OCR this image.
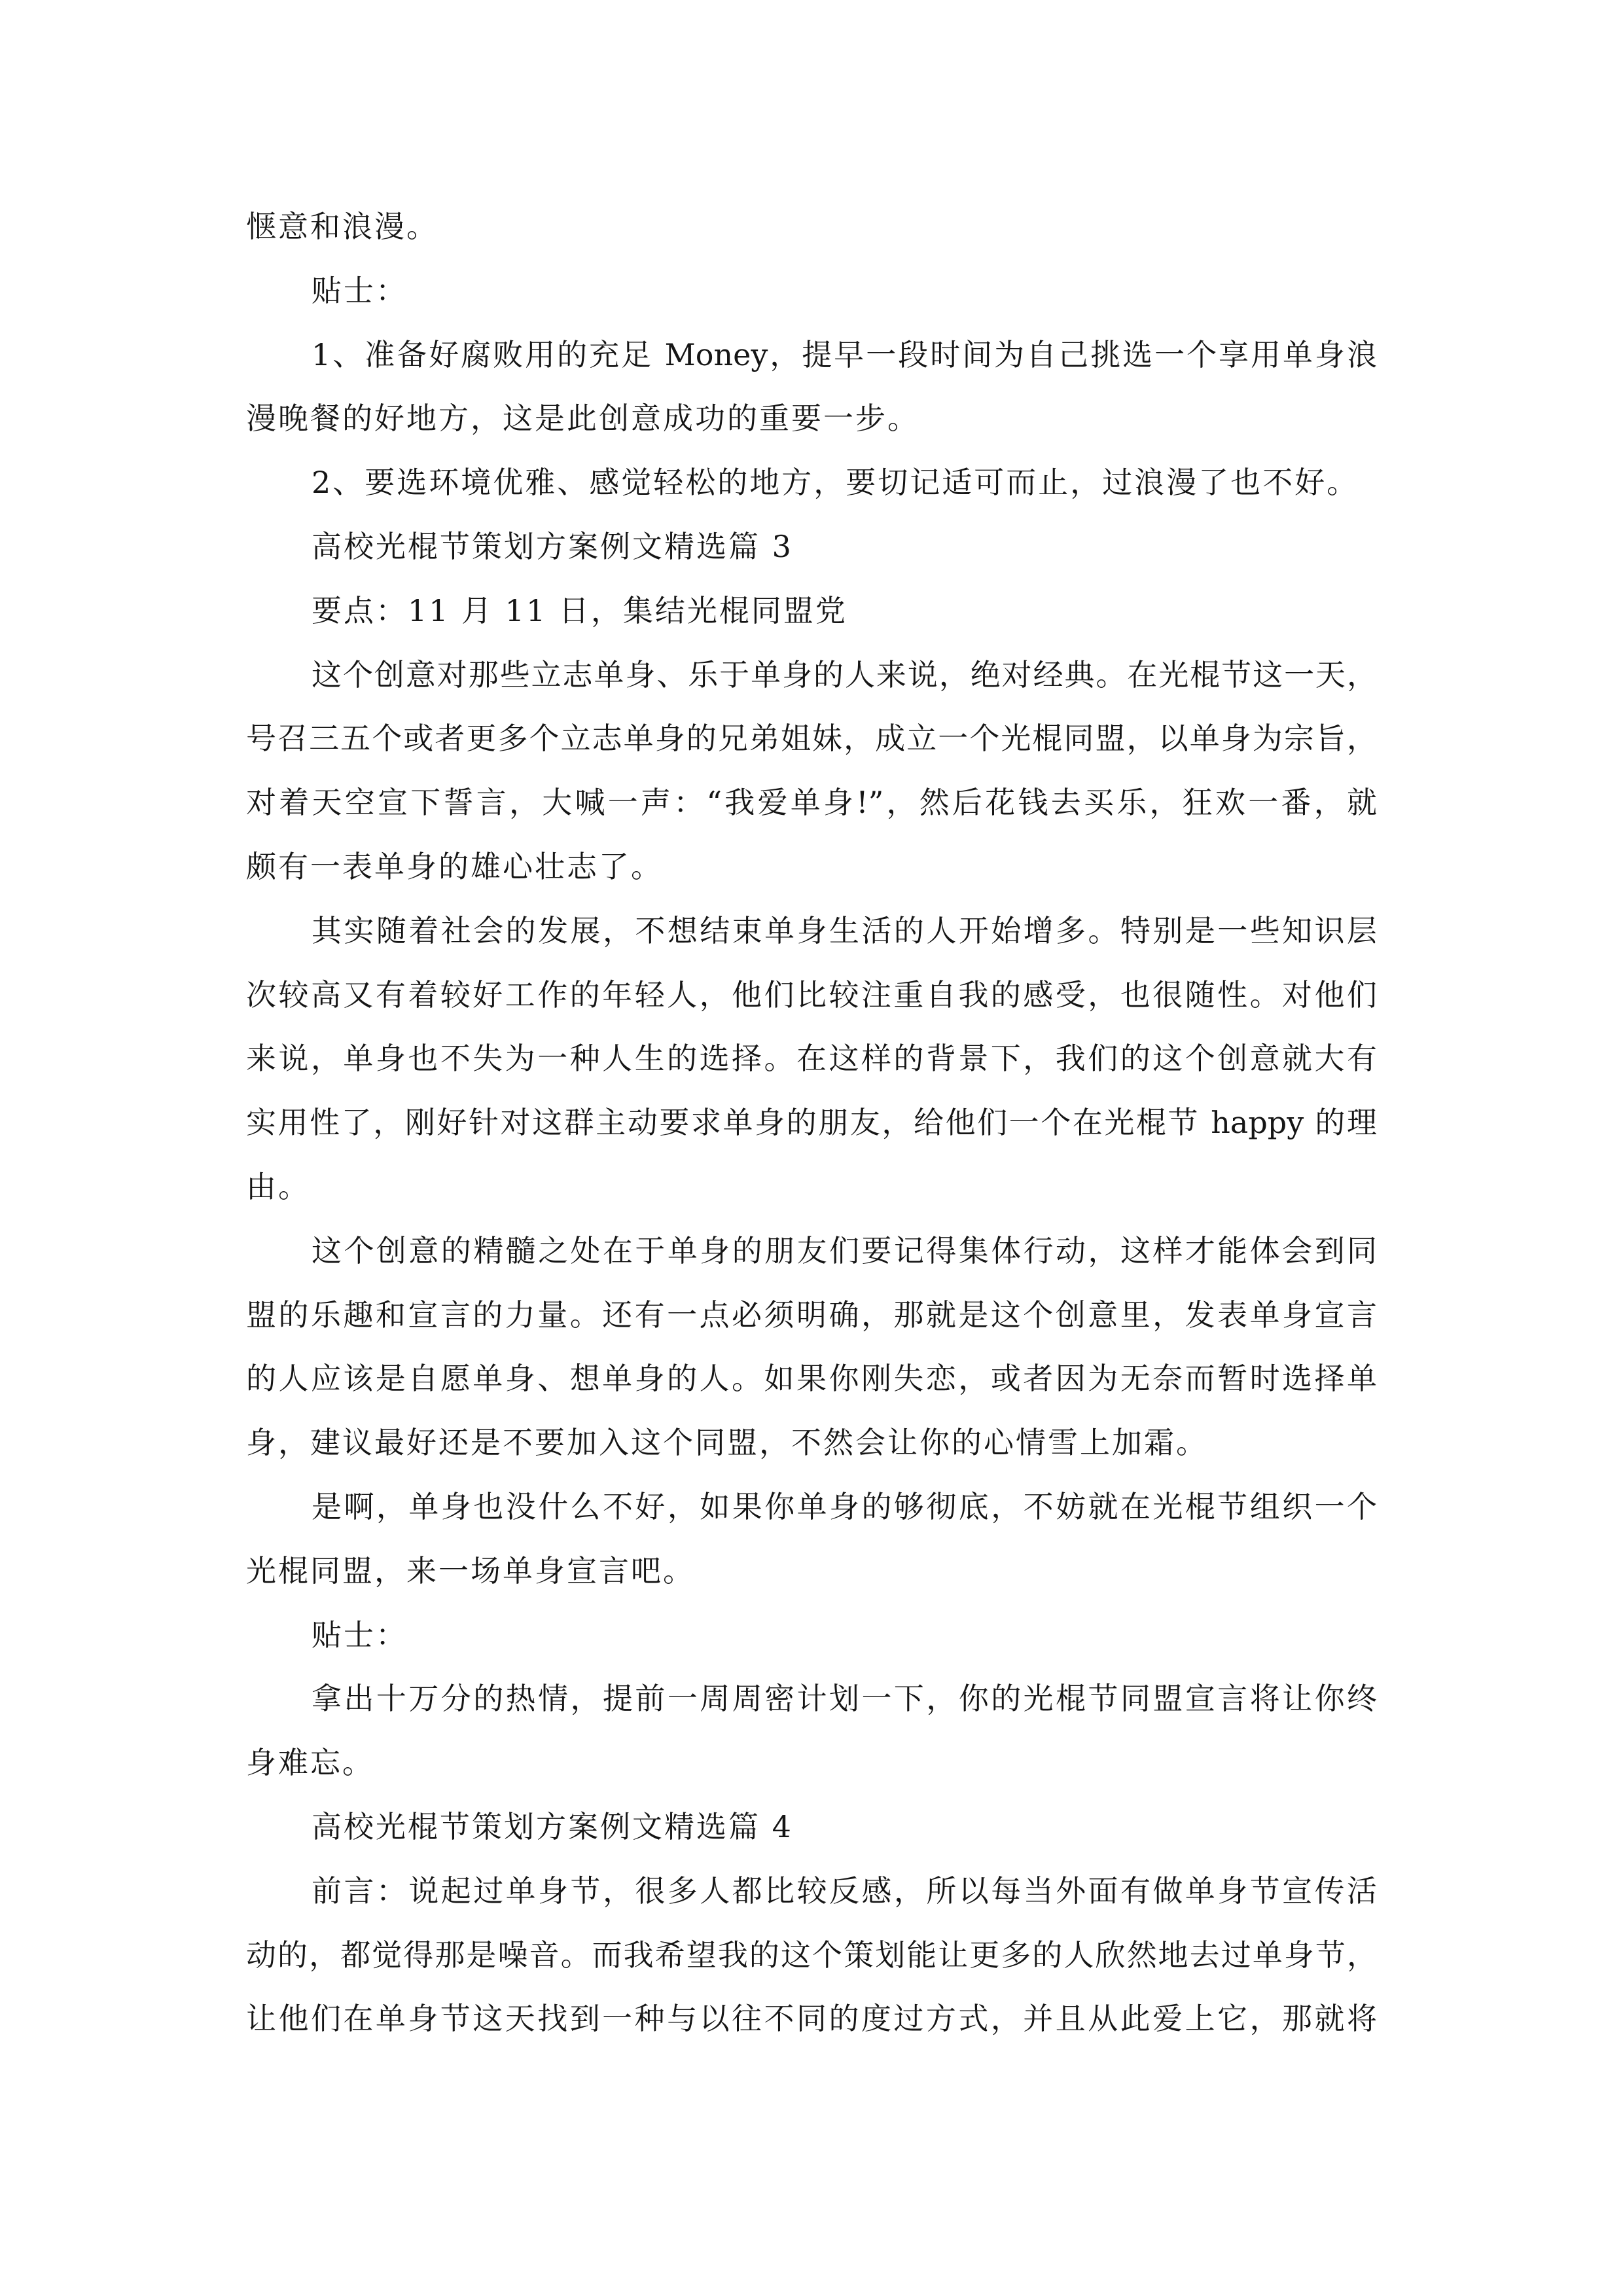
惬意和浪漫。
贴士：
1、准备好腐败用的充足 Money，提早一段时间为自己挑选一个享用单身浪
漫晚餐的好地方，这是此创意成功的重要一步。
2、要选环境优雅、感觉轻松的地方，要切记适可而止，过浪漫了也不好。
高校光棍节策划方案例文精选篇 3
要点：11 月 11 日，集结光棍同盟党
这个创意对那些立志单身、乐于单身的人来说，绝对经典。在光棍节这一天，
号召三五个或者更多个立志单身的兄弟姐妹，成立一个光棍同盟，以单身为宗旨，
对着天空宣下誓言，大喊一声：“我爱单身!”，然后花钱去买乐，狂欢一番，就
颇有一表单身的雄心壮志了。
其实随着社会的发展，不想结束单身生活的人开始增多。特别是一些知识层
次较高又有着较好工作的年轻人，他们比较注重自我的感受，也很随性。对他们
来说，单身也不失为一种人生的选择。在这样的背景下，我们的这个创意就大有
实用性了，刚好针对这群主动要求单身的朋友，给他们一个在光棍节 happy 的理
由。
这个创意的精髓之处在于单身的朋友们要记得集体行动，这样才能体会到同
盟的乐趣和宣言的力量。还有一点必须明确，那就是这个创意里，发表单身宣言
的人应该是自愿单身、想单身的人。如果你刚失恋，或者因为无奈而暂时选择单
身，建议最好还是不要加入这个同盟，不然会让你的心情雪上加霜。
是啊，单身也没什么不好，如果你单身的够彻底，不妨就在光棍节组织一个
光棍同盟，来一场单身宣言吧。
贴士：
拿出十万分的热情，提前一周周密计划一下，你的光棍节同盟宣言将让你终
身难忘。
高校光棍节策划方案例文精选篇 4
前言：说起过单身节，很多人都比较反感，所以每当外面有做单身节宣传活
动的，都觉得那是噪音。而我希望我的这个策划能让更多的人欣然地去过单身节，
让他们在单身节这天找到一种与以往不同的度过方式，并且从此爱上它，那就将
